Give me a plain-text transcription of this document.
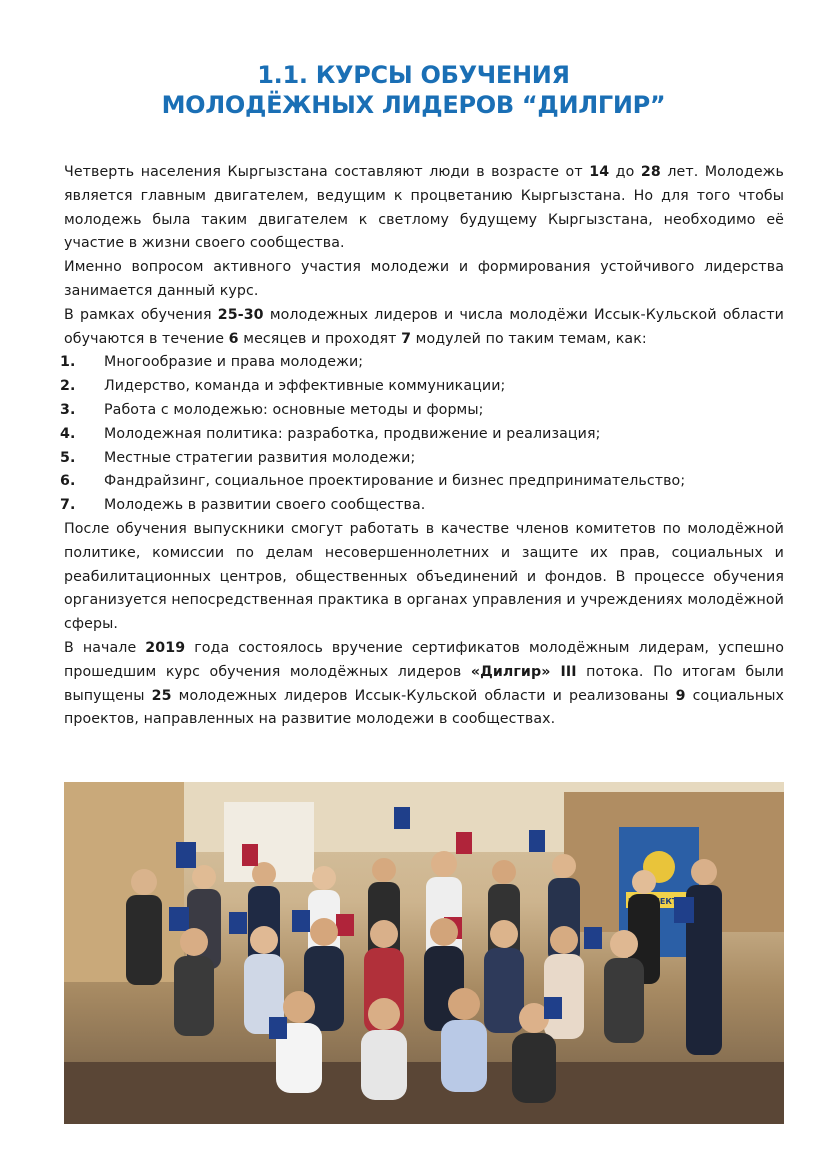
1.1. КУРСЫ ОБУЧЕНИЯ
МОЛОДЁЖНЫХ ЛИДЕРОВ “ДИЛГИР”

Четверть населения Кыргызстана составляют люди в возрасте от 14 до 28 лет. Молодежь является главным двигателем, ведущим к процветанию Кыргызстана. Но для того чтобы молодежь была таким двигателем к светлому будущему Кыргызстана, необходимо её участие в жизни своего сообщества.

Именно вопросом активного участия молодежи и формирования устойчивого лидерства занимается данный курс.

В рамках обучения 25-30 молодежных лидеров и числа молодёжи Иссык-Кульской области обучаются в течение 6 месяцев и проходят 7 модулей по таким темам, как:

1. Многообразие и права молодежи;
2. Лидерство, команда и эффективные коммуникации;
3. Работа с молодежью: основные методы и формы;
4. Молодежная политика: разработка, продвижение и реализация;
5. Местные стратегии развития молодежи;
6. Фандрайзинг, социальное проектирование и бизнес предпринимательство;
7. Молодежь в развитии своего сообщества.

После обучения выпускники смогут работать в качестве членов комитетов по молодёжной политике, комиссии по делам несовершеннолетних и защите их прав, социальных и реабилитационных центров, общественных объединений и фондов. В процессе обучения организуется непосредственная практика в органах управления и учреждениях молодёжной сферы.

В начале 2019 года состоялось вручение сертификатов молодёжным лидерам, успешно прошедшим курс обучения молодёжных лидеров «Дилгир» III потока. По итогам были выпущены 25 молодежных лидеров Иссык-Кульской области и реализованы 9 социальных проектов, направленных на развитие молодежи в сообществах.
